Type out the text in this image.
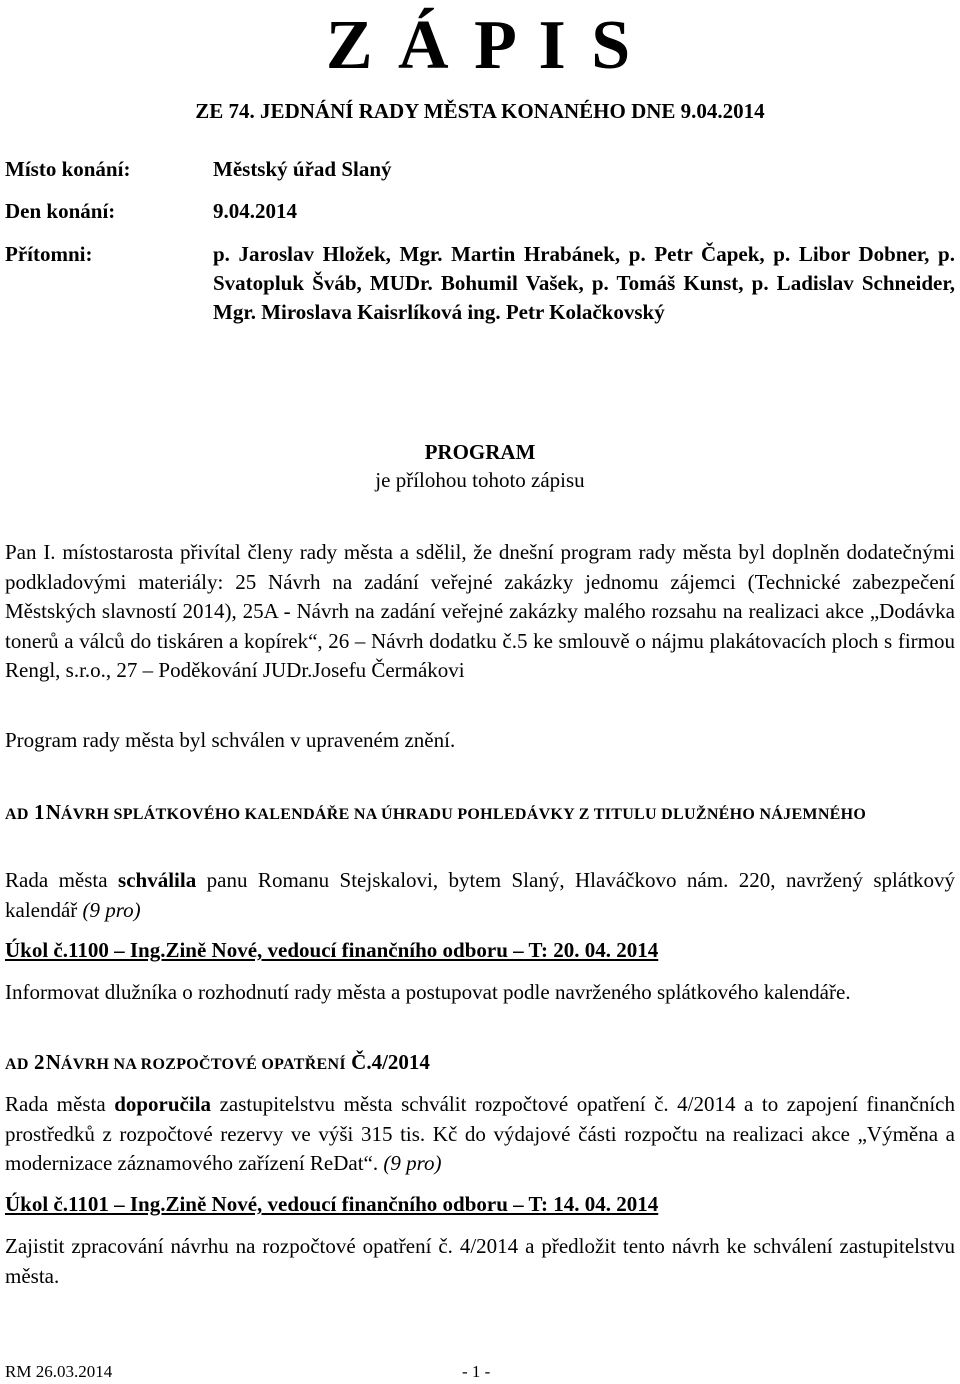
Z Á P I S
ZE 74. JEDNÁNÍ RADY MĚSTA KONANÉHO DNE 9.04.2014
Místo konání:	Městský úřad Slaný
Den konání:	9.04.2014
Přítomni:	p. Jaroslav Hložek, Mgr. Martin Hrabánek, p. Petr Čapek, p. Libor Dobner, p. Svatopluk Šváb, MUDr. Bohumil Vašek, p. Tomáš Kunst, p. Ladislav Schneider, Mgr. Miroslava Kaisrlíková ing. Petr Kolačkovský

PROGRAM
je přílohou tohoto zápisu

Pan I. místostarosta přivítal členy rady města a sdělil, že dnešní program rady města byl doplněn dodatečnými podkladovými materiály: 25 Návrh na zadání veřejné zakázky jednomu zájemci (Technické zabezpečení Městských slavností 2014), 25A - Návrh na zadání veřejné zakázky malého rozsahu na realizaci akce „Dodávka tonerů a válců do tiskáren a kopírek“, 26 – Návrh dodatku č.5 ke smlouvě o nájmu plakátovacích ploch s firmou Rengl, s.r.o., 27 – Poděkování JUDr.Josefu Čermákovi

Program rady města byl schválen v upraveném znění.

AD 1 NÁVRH SPLÁTKOVÉHO KALENDÁŘE NA ÚHRADU POHLEDÁVKY Z TITULU DLUŽNÉHO NÁJEMNÉHO

Rada města schválila panu Romanu Stejskalovi, bytem Slaný, Hlaváčkovo nám. 220, navržený splátkový kalendář (9 pro)

Úkol č.1100 – Ing.Zině Nové, vedoucí finančního odboru – T: 20. 04. 2014

Informovat dlužníka o rozhodnutí rady města a postupovat podle navrženého splátkového kalendáře.

AD 2 NÁVRH NA ROZPOČTOVÉ OPATŘENÍ Č.4/2014

Rada města doporučila zastupitelstvu města schválit rozpočtové opatření č. 4/2014 a to zapojení finančních prostředků z rozpočtové rezervy ve výši 315 tis. Kč do výdajové části rozpočtu na realizaci akce „Výměna a modernizace záznamového zařízení ReDat“. (9 pro)

Úkol č.1101 – Ing.Zině Nové, vedoucí finančního odboru – T: 14. 04. 2014

Zajistit zpracování návrhu na rozpočtové opatření č. 4/2014 a předložit tento návrh ke schválení zastupitelstvu města.

RM 26.03.2014	- 1 -
